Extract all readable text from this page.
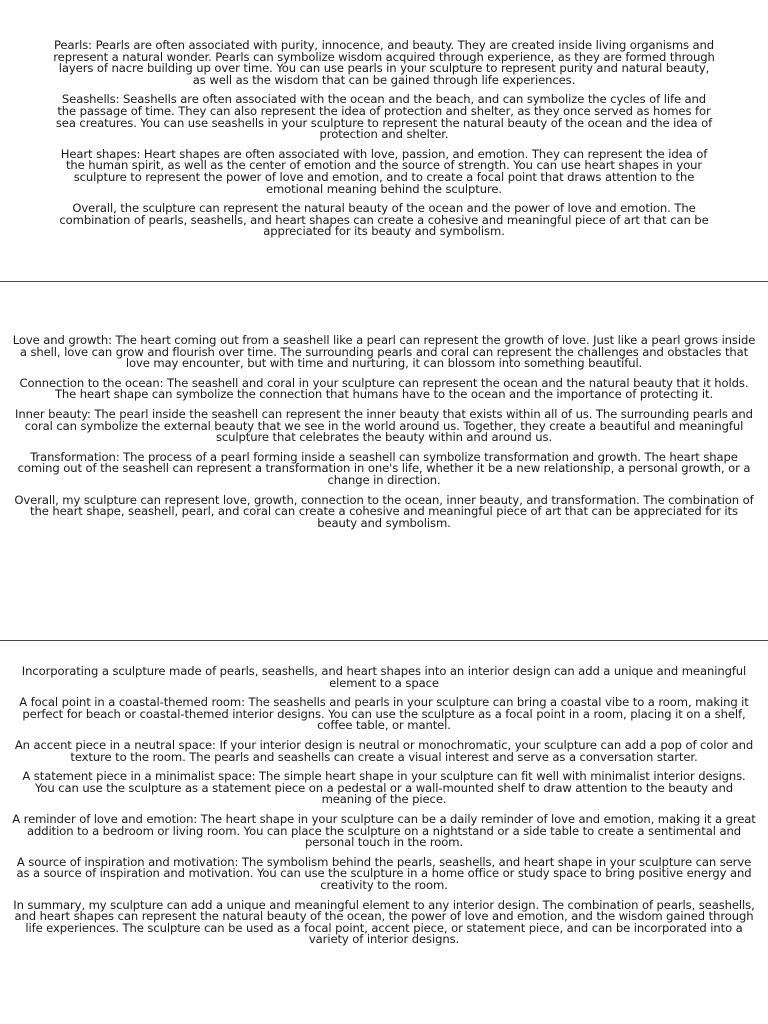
Pearls: Pearls are often associated with purity, innocence, and beauty. They are created inside living organisms and represent a natural wonder. Pearls can symbolize wisdom acquired through experience, as they are formed through layers of nacre building up over time. You can use pearls in your sculpture to represent purity and natural beauty, as well as the wisdom that can be gained through life experiences.

Seashells: Seashells are often associated with the ocean and the beach, and can symbolize the cycles of life and the passage of time. They can also represent the idea of protection and shelter, as they once served as homes for sea creatures. You can use seashells in your sculpture to represent the natural beauty of the ocean and the idea of protection and shelter.

Heart shapes: Heart shapes are often associated with love, passion, and emotion. They can represent the idea of the human spirit, as well as the center of emotion and the source of strength. You can use heart shapes in your sculpture to represent the power of love and emotion, and to create a focal point that draws attention to the emotional meaning behind the sculpture.

Overall, the sculpture can represent the natural beauty of the ocean and the power of love and emotion. The combination of pearls, seashells, and heart shapes can create a cohesive and meaningful piece of art that can be appreciated for its beauty and symbolism.

Love and growth: The heart coming out from a seashell like a pearl can represent the growth of love. Just like a pearl grows inside a shell, love can grow and flourish over time. The surrounding pearls and coral can represent the challenges and obstacles that love may encounter, but with time and nurturing, it can blossom into something beautiful.

Connection to the ocean: The seashell and coral in your sculpture can represent the ocean and the natural beauty that it holds. The heart shape can symbolize the connection that humans have to the ocean and the importance of protecting it.

Inner beauty: The pearl inside the seashell can represent the inner beauty that exists within all of us. The surrounding pearls and coral can symbolize the external beauty that we see in the world around us. Together, they create a beautiful and meaningful sculpture that celebrates the beauty within and around us.

Transformation: The process of a pearl forming inside a seashell can symbolize transformation and growth. The heart shape coming out of the seashell can represent a transformation in one's life, whether it be a new relationship, a personal growth, or a change in direction.

Overall, my sculpture can represent love, growth, connection to the ocean, inner beauty, and transformation. The combination of the heart shape, seashell, pearl, and coral can create a cohesive and meaningful piece of art that can be appreciated for its beauty and symbolism.

Incorporating a sculpture made of pearls, seashells, and heart shapes into an interior design can add a unique and meaningful element to a space

A focal point in a coastal-themed room: The seashells and pearls in your sculpture can bring a coastal vibe to a room, making it perfect for beach or coastal-themed interior designs. You can use the sculpture as a focal point in a room, placing it on a shelf, coffee table, or mantel.

An accent piece in a neutral space: If your interior design is neutral or monochromatic, your sculpture can add a pop of color and texture to the room. The pearls and seashells can create a visual interest and serve as a conversation starter.

A statement piece in a minimalist space: The simple heart shape in your sculpture can fit well with minimalist interior designs. You can use the sculpture as a statement piece on a pedestal or a wall-mounted shelf to draw attention to the beauty and meaning of the piece.

A reminder of love and emotion: The heart shape in your sculpture can be a daily reminder of love and emotion, making it a great addition to a bedroom or living room. You can place the sculpture on a nightstand or a side table to create a sentimental and personal touch in the room.

A source of inspiration and motivation: The symbolism behind the pearls, seashells, and heart shape in your sculpture can serve as a source of inspiration and motivation. You can use the sculpture in a home office or study space to bring positive energy and creativity to the room.

In summary, my sculpture can add a unique and meaningful element to any interior design. The combination of pearls, seashells, and heart shapes can represent the natural beauty of the ocean, the power of love and emotion, and the wisdom gained through life experiences. The sculpture can be used as a focal point, accent piece, or statement piece, and can be incorporated into a variety of interior designs.
